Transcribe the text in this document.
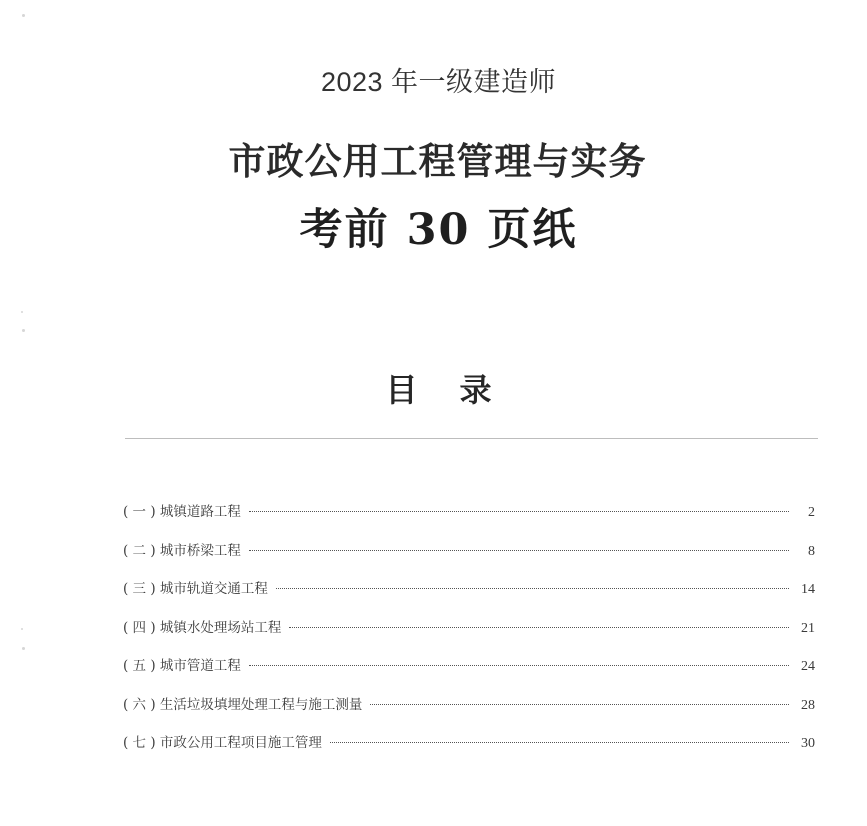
2023 年一级建造师
市政公用工程管理与实务
考前 30 页纸
目录
( 一 ) 城镇道路工程	2
( 二 ) 城市桥梁工程	8
( 三 ) 城市轨道交通工程	14
( 四 ) 城镇水处理场站工程	21
( 五 ) 城市管道工程	24
( 六 ) 生活垃圾填埋处理工程与施工测量	28
( 七 ) 市政公用工程项目施工管理	30
